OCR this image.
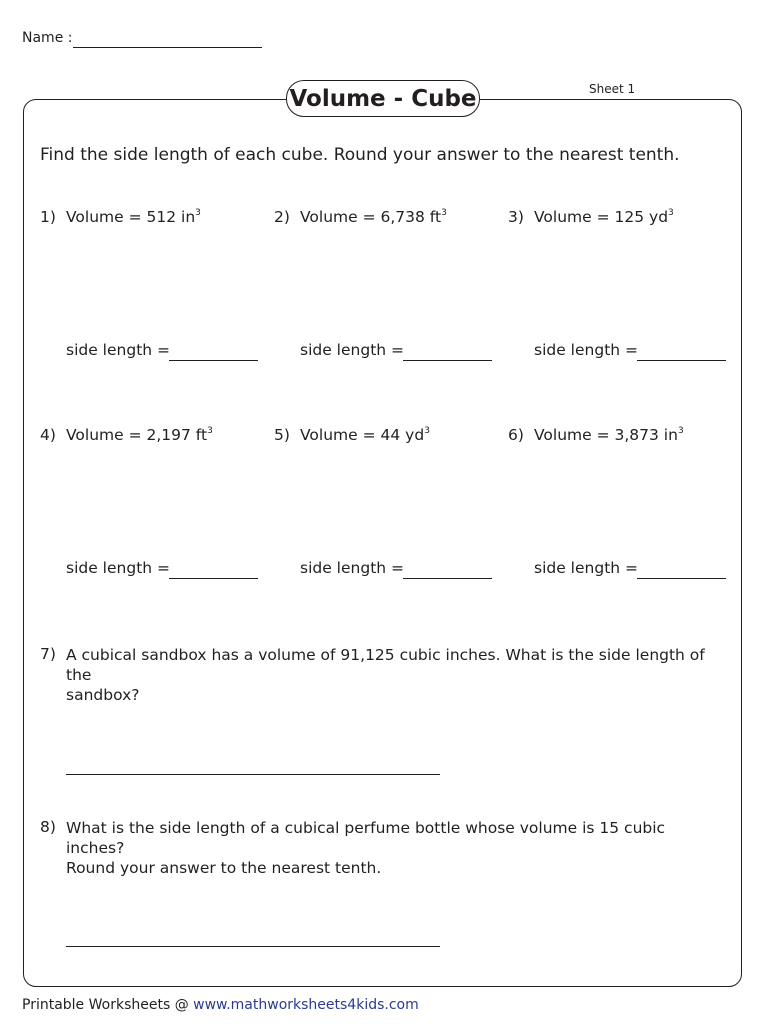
Name :
Sheet 1
Volume - Cube
Find the side length of each cube. Round your answer to the nearest tenth.
1) Volume = 512 $in^3$	2) Volume = 6,738 $ft^3$	3) Volume = 125 $yd^3$
side length =	side length =	side length =
4) Volume = 2,197 $ft^3$	5) Volume = 44 $yd^3$	6) Volume = 3,873 $in^3$
side length =	side length =	side length =
7) A cubical sandbox has a volume of 91,125 cubic inches. What is the side length of the
sandbox?
8) What is the side length of a cubical perfume bottle whose volume is 15 cubic inches?
Round your answer to the nearest tenth.
Printable Worksheets @ www.mathworksheets4kids.com
